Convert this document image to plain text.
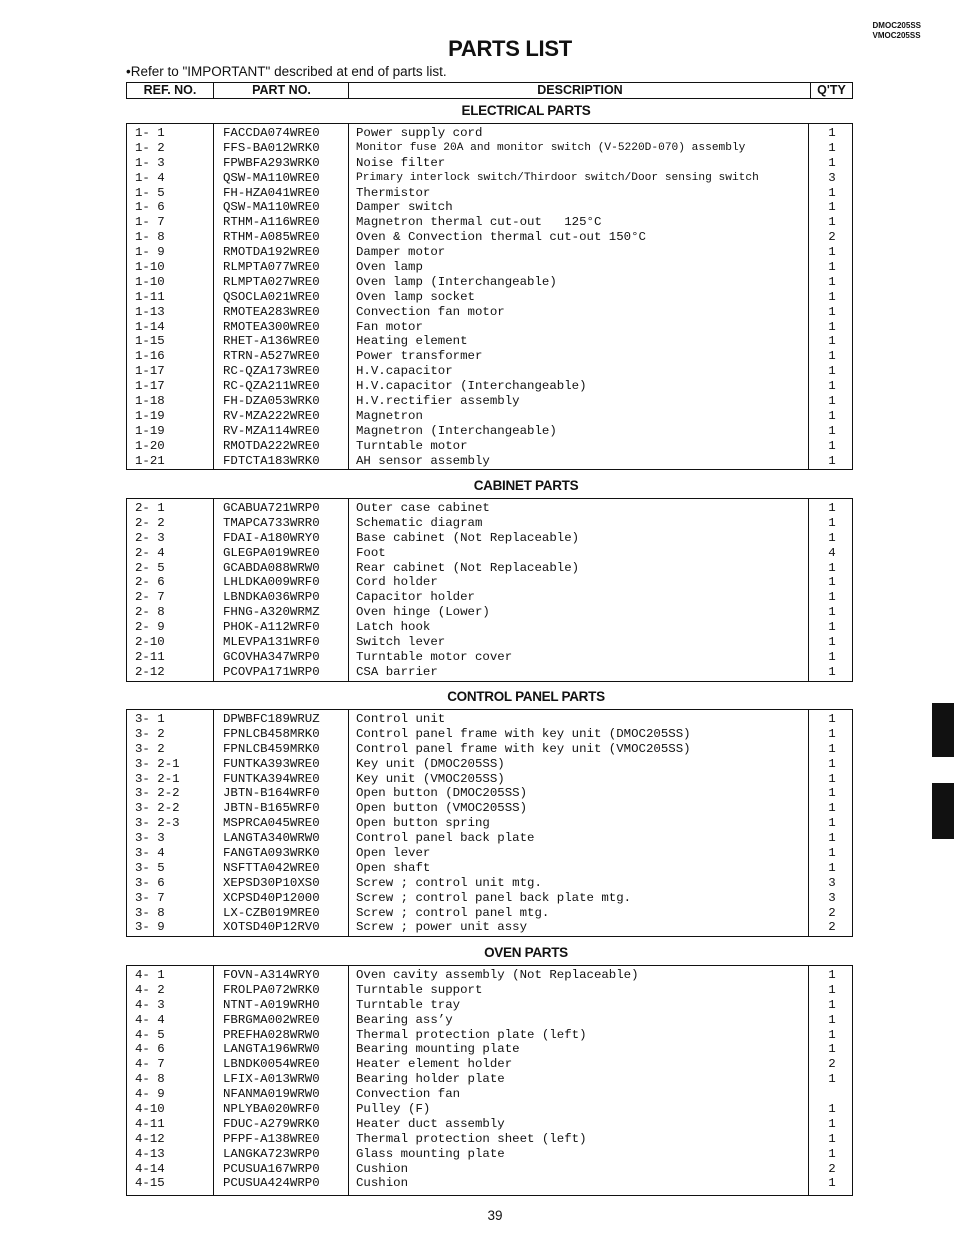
DMOC205SS
VMOC205SS
PARTS LIST
•Refer to "IMPORTANT" described at end of parts list.
REF. NO.	PART NO.	DESCRIPTION	Q'TY
ELECTRICAL PARTS
1- 1	FACCDA074WRE0	Power supply cord	1
1- 2	FFS-BA012WRK0	Monitor fuse 20A and monitor switch (V-5220D-070) assembly	1
1- 3	FPWBFA293WRK0	Noise filter	1
1- 4	QSW-MA110WRE0	Primary interlock switch/Thirdoor switch/Door sensing switch	3
1- 5	FH-HZA041WRE0	Thermistor	1
1- 6	QSW-MA110WRE0	Damper switch	1
1- 7	RTHM-A116WRE0	Magnetron thermal cut-out   125°C	1
1- 8	RTHM-A085WRE0	Oven & Convection thermal cut-out 150°C	2
1- 9	RMOTDA192WRE0	Damper motor	1
1-10	RLMPTA077WRE0	Oven lamp	1
1-10	RLMPTA027WRE0	Oven lamp (Interchangeable)	1
1-11	QSOCLA021WRE0	Oven lamp socket	1
1-13	RMOTEA283WRE0	Convection fan motor	1
1-14	RMOTEA300WRE0	Fan motor	1
1-15	RHET-A136WRE0	Heating element	1
1-16	RTRN-A527WRE0	Power transformer	1
1-17	RC-QZA173WRE0	H.V.capacitor	1
1-17	RC-QZA211WRE0	H.V.capacitor (Interchangeable)	1
1-18	FH-DZA053WRK0	H.V.rectifier assembly	1
1-19	RV-MZA222WRE0	Magnetron	1
1-19	RV-MZA114WRE0	Magnetron (Interchangeable)	1
1-20	RMOTDA222WRE0	Turntable motor	1
1-21	FDTCTA183WRK0	AH sensor assembly	1
CABINET PARTS
2- 1	GCABUA721WRP0	Outer case cabinet	1
2- 2	TMAPCA733WRR0	Schematic diagram	1
2- 3	FDAI-A180WRY0	Base cabinet (Not Replaceable)	1
2- 4	GLEGPA019WRE0	Foot	4
2- 5	GCABDA088WRW0	Rear cabinet (Not Replaceable)	1
2- 6	LHLDKA009WRF0	Cord holder	1
2- 7	LBNDKA036WRP0	Capacitor holder	1
2- 8	FHNG-A320WRMZ	Oven hinge (Lower)	1
2- 9	PHOK-A112WRF0	Latch hook	1
2-10	MLEVPA131WRF0	Switch lever	1
2-11	GCOVHA347WRP0	Turntable motor cover	1
2-12	PCOVPA171WRP0	CSA barrier	1
CONTROL PANEL PARTS
3- 1	DPWBFC189WRUZ	Control unit	1
3- 2	FPNLCB458MRK0	Control panel frame with key unit (DMOC205SS)	1
3- 2	FPNLCB459MRK0	Control panel frame with key unit (VMOC205SS)	1
3- 2-1	FUNTKA393WRE0	Key unit (DMOC205SS)	1
3- 2-1	FUNTKA394WRE0	Key unit (VMOC205SS)	1
3- 2-2	JBTN-B164WRF0	Open button (DMOC205SS)	1
3- 2-2	JBTN-B165WRF0	Open button (VMOC205SS)	1
3- 2-3	MSPRCA045WRE0	Open button spring	1
3- 3	LANGTA340WRW0	Control panel back plate	1
3- 4	FANGTA093WRK0	Open lever	1
3- 5	NSFTTA042WRE0	Open shaft	1
3- 6	XEPSD30P10XS0	Screw ; control unit mtg.	3
3- 7	XCPSD40P12000	Screw ; control panel back plate mtg.	3
3- 8	LX-CZB019MRE0	Screw ; control panel mtg.	2
3- 9	XOTSD40P12RV0	Screw ; power unit assy	2
OVEN PARTS
4- 1	FOVN-A314WRY0	Oven cavity assembly (Not Replaceable)	1
4- 2	FROLPA072WRK0	Turntable support	1
4- 3	NTNT-A019WRH0	Turntable tray	1
4- 4	FBRGMA002WRE0	Bearing ass’y	1
4- 5	PREFHA028WRW0	Thermal protection plate (left)	1
4- 6	LANGTA196WRW0	Bearing mounting plate	1
4- 7	LBNDK0054WRE0	Heater element holder	2
4- 8	LFIX-A013WRW0	Bearing holder plate	1
4- 9	NFANMA019WRW0	Convection fan
4-10	NPLYBA020WRF0	Pulley (F)	1
4-11	FDUC-A279WRK0	Heater duct assembly	1
4-12	PFPF-A138WRE0	Thermal protection sheet (left)	1
4-13	LANGKA723WRP0	Glass mounting plate	1
4-14	PCUSUA167WRP0	Cushion	2
4-15	PCUSUA424WRP0	Cushion	1
39
